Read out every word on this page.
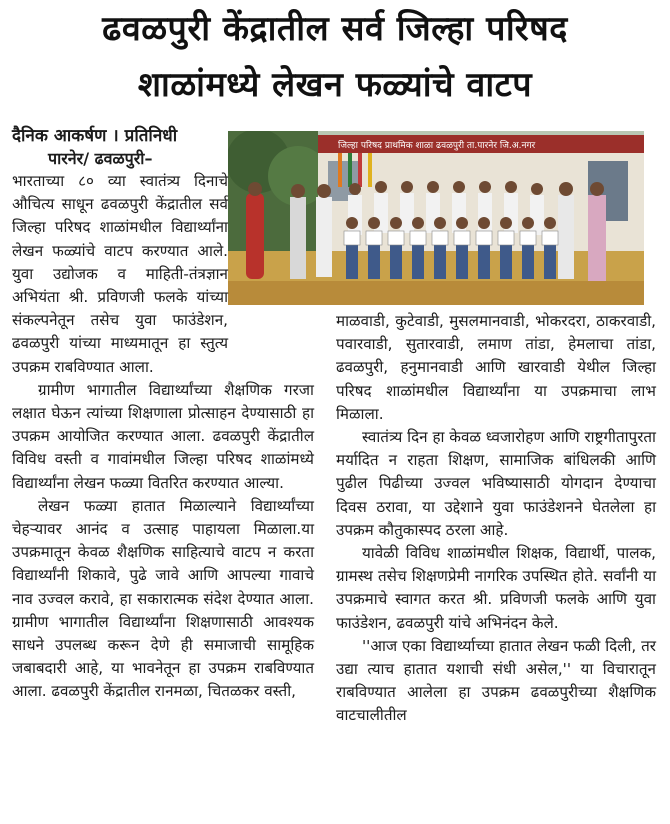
ढवळपुरी केंद्रातील सर्व जिल्हा परिषद
शाळांमध्ये लेखन फळ्यांचे वाटप
जिल्हा परिषद प्राथमिक शाळा ढवळपुरी ता.पारनेर जि.अ.नगर
दैनिक आकर्षण । प्रतिनिधी
पारनेर/ ढवळपुरी–

भारताच्या ८० व्या स्वातंत्र्य दिनाचे औचित्य साधून ढवळपुरी केंद्रातील सर्व जिल्हा परिषद शाळांमधील विद्यार्थ्यांना लेखन फळ्यांचे वाटप करण्यात आले. युवा उद्योजक व माहिती-तंत्रज्ञान अभियंता श्री. प्रविणजी फलके यांच्या संकल्पनेतून तसेच युवा फाउंडेशन, ढवळपुरी यांच्या माध्यमातून हा स्तुत्य उपक्रम राबविण्यात आला.

ग्रामीण भागातील विद्यार्थ्यांच्या शैक्षणिक गरजा लक्षात घेऊन त्यांच्या शिक्षणाला प्रोत्साहन देण्यासाठी हा उपक्रम आयोजित करण्यात आला. ढवळपुरी केंद्रातील विविध वस्ती व गावांमधील जिल्हा परिषद शाळांमध्ये विद्यार्थ्यांना लेखन फळ्या वितरित करण्यात आल्या.

लेखन फळ्या हातात मिळाल्याने विद्यार्थ्यांच्या चेहऱ्यावर आनंद व उत्साह पाहायला मिळाला.या उपक्रमातून केवळ शैक्षणिक साहित्याचे वाटप न करता विद्यार्थ्यांनी शिकावे, पुढे जावे आणि आपल्या गावाचे नाव उज्वल करावे, हा सकारात्मक संदेश देण्यात आला. ग्रामीण भागातील विद्यार्थ्यांना शिक्षणासाठी आवश्यक साधने उपलब्ध करून देणे ही समाजाची सामूहिक जबाबदारी आहे, या भावनेतून हा उपक्रम राबविण्यात आला. ढवळपुरी केंद्रातील रानमळा, चितळकर वस्ती,

माळवाडी, कुटेवाडी, मुसलमानवाडी, भोकरदरा, ठाकरवाडी, पवारवाडी, सुतारवाडी, लमाण तांडा, हेमलाचा तांडा, ढवळपुरी, हनुमानवाडी आणि खारवाडी येथील जिल्हा परिषद शाळांमधील विद्यार्थ्यांना या उपक्रमाचा लाभ मिळाला.

स्वातंत्र्य दिन हा केवळ ध्वजारोहण आणि राष्ट्रगीतापुरता मर्यादित न राहता शिक्षण, सामाजिक बांधिलकी आणि पुढील पिढीच्या उज्वल भविष्यासाठी योगदान देण्याचा दिवस ठरावा, या उद्देशाने युवा फाउंडेशनने घेतलेला हा उपक्रम कौतुकास्पद ठरला आहे.

यावेळी विविध शाळांमधील शिक्षक, विद्यार्थी, पालक, ग्रामस्थ तसेच शिक्षणप्रेमी नागरिक उपस्थित होते. सर्वांनी या उपक्रमाचे स्वागत करत श्री. प्रविणजी फलके आणि युवा फाउंडेशन, ढवळपुरी यांचे अभिनंदन केले.

''आज एका विद्यार्थ्याच्या हातात लेखन फळी दिली, तर उद्या त्याच हातात यशाची संधी असेल,'' या विचारातून राबविण्यात आलेला हा उपक्रम ढवळपुरीच्या शैक्षणिक वाटचालीतील
